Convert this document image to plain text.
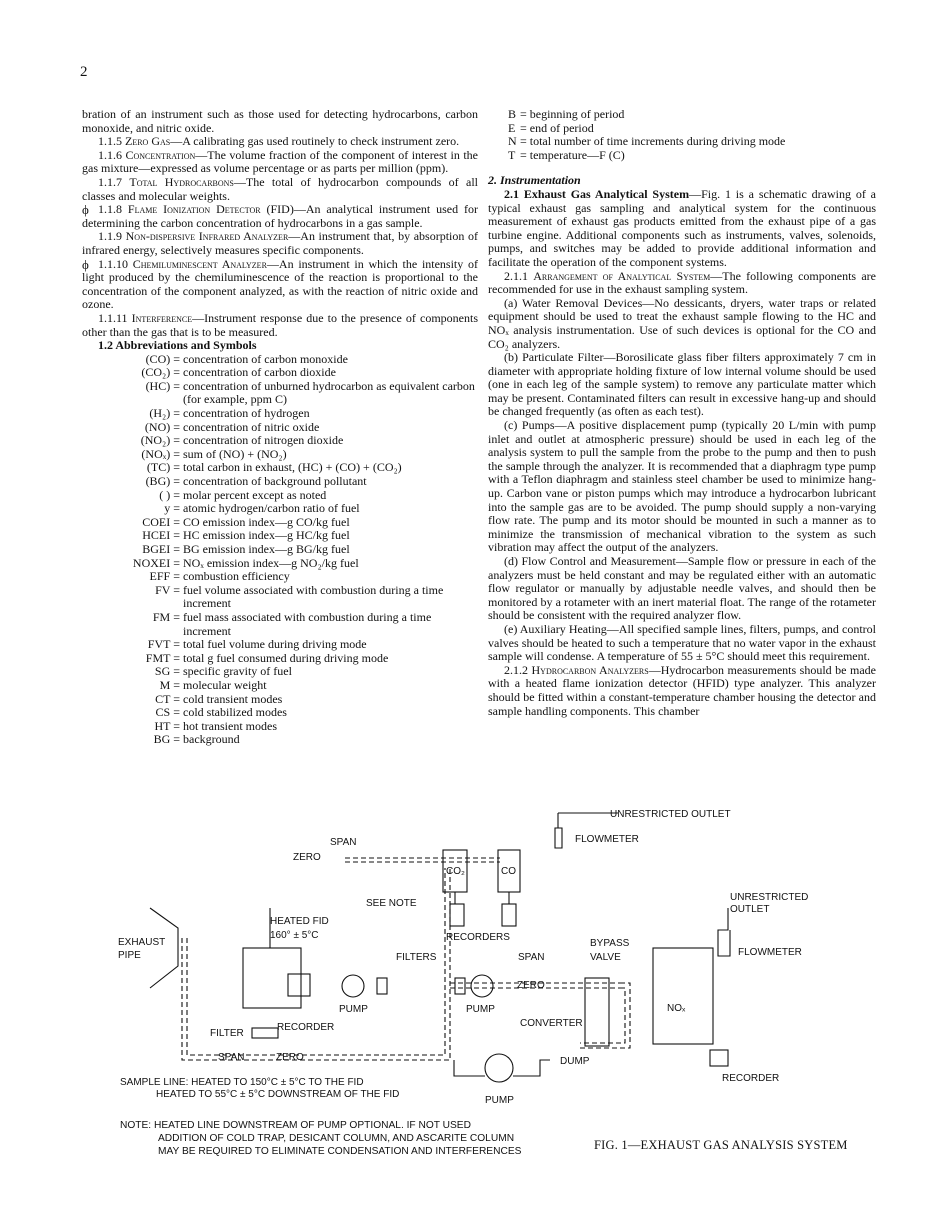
2

bration of an instrument such as those used for detecting hydrocarbons, carbon monoxide, and nitric oxide.

1.1.5 Zero Gas—A calibrating gas used routinely to check instrument zero.

1.1.6 Concentration—The volume fraction of the component of interest in the gas mixture—expressed as volume percentage or as parts per million (ppm).

1.1.7 Total Hydrocarbons—The total of hydrocarbon compounds of all classes and molecular weights.

ϕ 1.1.8 Flame Ionization Detector (FID)—An analytical instrument used for determining the carbon concentration of hydrocarbons in a gas sample.

1.1.9 Non-dispersive Infrared Analyzer—An instrument that, by absorption of infrared energy, selectively measures specific components.

ϕ 1.1.10 Chemiluminescent Analyzer—An instrument in which the intensity of light produced by the chemiluminescence of the reaction is proportional to the concentration of the component analyzed, as with the reaction of nitric oxide and ozone.

1.1.11 Interference—Instrument response due to the presence of components other than the gas that is to be measured.

1.2 Abbreviations and Symbols

(CO) = concentration of carbon monoxide
(CO₂) = concentration of carbon dioxide
(HC) = concentration of unburned hydrocarbon as equivalent carbon (for example, ppm C)
(H₂) = concentration of hydrogen
(NO) = concentration of nitric oxide
(NO₂) = concentration of nitrogen dioxide
(NOₓ) = sum of (NO) + (NO₂)
(TC) = total carbon in exhaust, (HC) + (CO) + (CO₂)
(BG) = concentration of background pollutant
( ) = molar percent except as noted
y = atomic hydrogen/carbon ratio of fuel
COEI = CO emission index—g CO/kg fuel
HCEI = HC emission index—g HC/kg fuel
BGEI = BG emission index—g BG/kg fuel
NOXEI = NOₓ emission index—g NO₂/kg fuel
EFF = combustion efficiency
FV = fuel volume associated with combustion during a time increment
FM = fuel mass associated with combustion during a time increment
FVT = total fuel volume during driving mode
FMT = total g fuel consumed during driving mode
SG = specific gravity of fuel
M = molecular weight
CT = cold transient modes
CS = cold stabilized modes
HT = hot transient modes
BG = background
B = beginning of period
E = end of period
N = total number of time increments during driving mode
T = temperature—F (C)

2. Instrumentation

2.1 Exhaust Gas Analytical System—Fig. 1 is a schematic drawing of a typical exhaust gas sampling and analytical system for the continuous measurement of exhaust gas products emitted from the exhaust pipe of a gas turbine engine. Additional components such as instruments, valves, solenoids, pumps, and switches may be added to provide additional information and facilitate the operation of the component systems.

2.1.1 Arrangement of Analytical System—The following components are recommended for use in the exhaust sampling system.

(a) Water Removal Devices—No dessicants, dryers, water traps or related equipment should be used to treat the exhaust sample flowing to the HC and NOₓ analysis instrumentation. Use of such devices is optional for the CO and CO₂ analyzers.

(b) Particulate Filter—Borosilicate glass fiber filters approximately 7 cm in diameter with appropriate holding fixture of low internal volume should be used (one in each leg of the sample system) to remove any particulate matter which may be present. Contaminated filters can result in excessive hang-up and should be changed frequently (as often as each test).

(c) Pumps—A positive displacement pump (typically 20 L/min with pump inlet and outlet at atmospheric pressure) should be used in each leg of the analysis system to pull the sample from the probe to the pump and then to push the sample through the analyzer. It is recommended that a diaphragm type pump with a Teflon diaphragm and stainless steel chamber be used to minimize hang-up. Carbon vane or piston pumps which may introduce a hydrocarbon lubricant into the sample gas are to be avoided. The pump should supply a non-varying flow rate. The pump and its motor should be mounted in such a manner as to minimize the transmission of mechanical vibration to the system as such vibration may affect the output of the analyzers.

(d) Flow Control and Measurement—Sample flow or pressure in each of the analyzers must be held constant and may be regulated either with an automatic flow regulator or manually by adjustable needle valves, and should then be monitored by a rotameter with an inert material float. The range of the rotameter should be consistent with the required analyzer flow.

(e) Auxiliary Heating—All specified sample lines, filters, pumps, and control valves should be heated to such a temperature that no water vapor in the exhaust sample will condense. A temperature of 55 ± 5°C should meet this requirement.

2.1.2 Hydrocarbon Analyzers—Hydrocarbon measurements should be made with a heated flame ionization detector (HFID) type analyzer. This analyzer should be fitted within a constant-temperature chamber housing the detector and sample handling components. This chamber

UNRESTRICTED OUTLET
FLOWMETER
SPAN
ZERO
CO₂	CO
SEE NOTE
HEATED FID
160° ± 5°C	RECORDERS
UNRESTRICTED
OUTLET
FLOWMETER
EXHAUST
PIPE	FILTERS	SPAN
BYPASS
VALVE
ZERO
RECORDER
FILTER
PUMP	PUMP
CONVERTER
NOₓ
SPAN	ZERO	DUMP
RECORDER
PUMP
SAMPLE LINE: HEATED TO 150°C ± 5°C TO THE FID
HEATED TO 55°C ± 5°C DOWNSTREAM OF THE FID
NOTE: HEATED LINE DOWNSTREAM OF PUMP OPTIONAL. IF NOT USED
ADDITION OF COLD TRAP, DESICANT COLUMN, AND ASCARITE COLUMN
MAY BE REQUIRED TO ELIMINATE CONDENSATION AND INTERFERENCES	FIG. 1—EXHAUST GAS ANALYSIS SYSTEM
